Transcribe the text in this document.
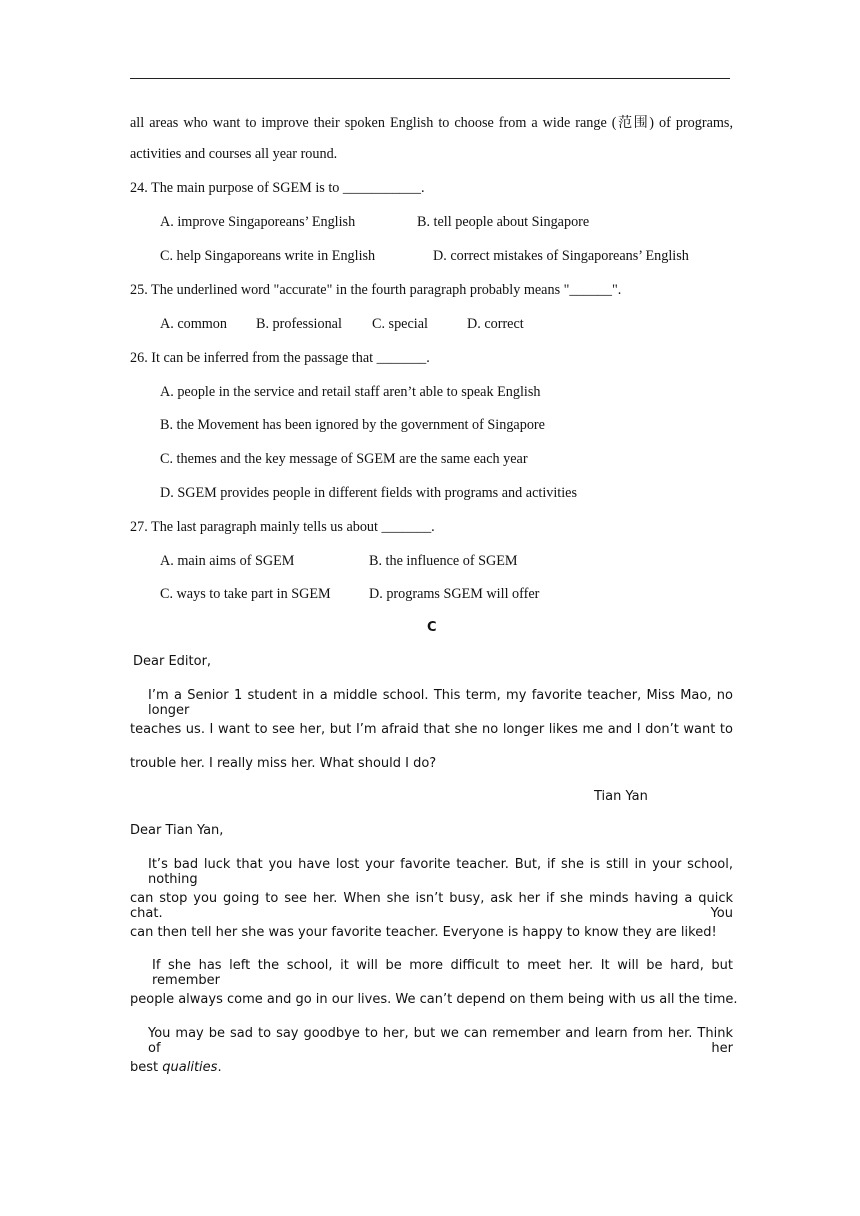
all areas who want to improve their spoken English to choose from a wide range (范围) of programs,
activities and courses all year round.
24. The main purpose of SGEM is to ___________.
A. improve Singaporeans’ English	B. tell people about Singapore
C. help Singaporeans write in English	D. correct mistakes of Singaporeans’ English
25. The underlined word "accurate" in the fourth paragraph probably means "______".
A. common B. professional C. special	D. correct
26. It can be inferred from the passage that _______.
A. people in the service and retail staff aren’t able to speak English
B. the Movement has been ignored by the government of Singapore
C. themes and the key message of SGEM are the same each year
D. SGEM provides people in different fields with programs and activities
27. The last paragraph mainly tells us about _______.
A. main aims of SGEM	B. the influence of SGEM
C. ways to take part in SGEM	D. programs SGEM will offer
C
Dear Editor,
I’m a Senior 1 student in a middle school. This term, my favorite teacher, Miss Mao, no longer
teaches us. I want to see her, but I’m afraid that she no longer likes me and I don’t want to
trouble her. I really miss her. What should I do?
Tian Yan
Dear Tian Yan,
It’s bad luck that you have lost your favorite teacher. But, if she is still in your school, nothing
can stop you going to see her. When she isn’t busy, ask her if she minds having a quick chat. You
can then tell her she was your favorite teacher. Everyone is happy to know they are liked!
If she has left the school, it will be more difficult to meet her. It will be hard, but remember
people always come and go in our lives. We can’t depend on them being with us all the time.
You may be sad to say goodbye to her, but we can remember and learn from her. Think of her
best qualities.
